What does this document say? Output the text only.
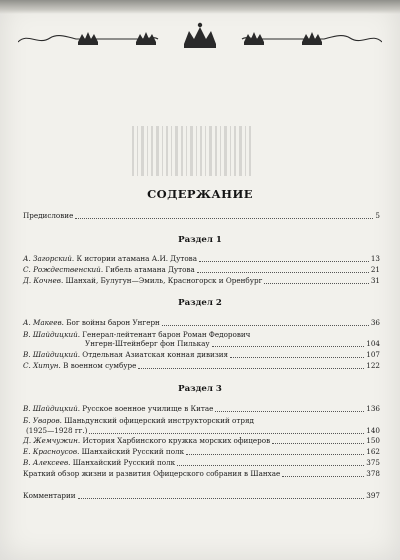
СОДЕРЖАНИЕ
Предисловие	5
Раздел 1
А. Загорский. К истории атамана А.И. Дутова	13
С. Рождественский. Гибель атамана Дутова	21
Д. Кочнев. Шанхай, Булугун—Эмиль, Красногорск и Оренбург	31
Раздел 2
А. Макеев. Бог войны барон Унгерн	36
В. Шайдицкий. Генерал-лейтенант барон Роман Федорович
Унгерн-Штейнберг фон Пилькау	104
В. Шайдицкий. Отдельная Азиатская конная дивизия	107
С. Хитун. В военном сумбуре	122
Раздел 3
В. Шайдицкий. Русское военное училище в Китае	136
Б. Уваров. Шаньдунский офицерский инструкторский отряд
(1925—1928 гг.)	140
Д. Жемчужин. История Харбинского кружка морских офицеров	150
Е. Красноусов. Шанхайский Русский полк	162
В. Алексеев. Шанхайский Русский полк	375
Краткий обзор жизни и развития Офицерского собрания в Шанхае	378
Комментарии	397
